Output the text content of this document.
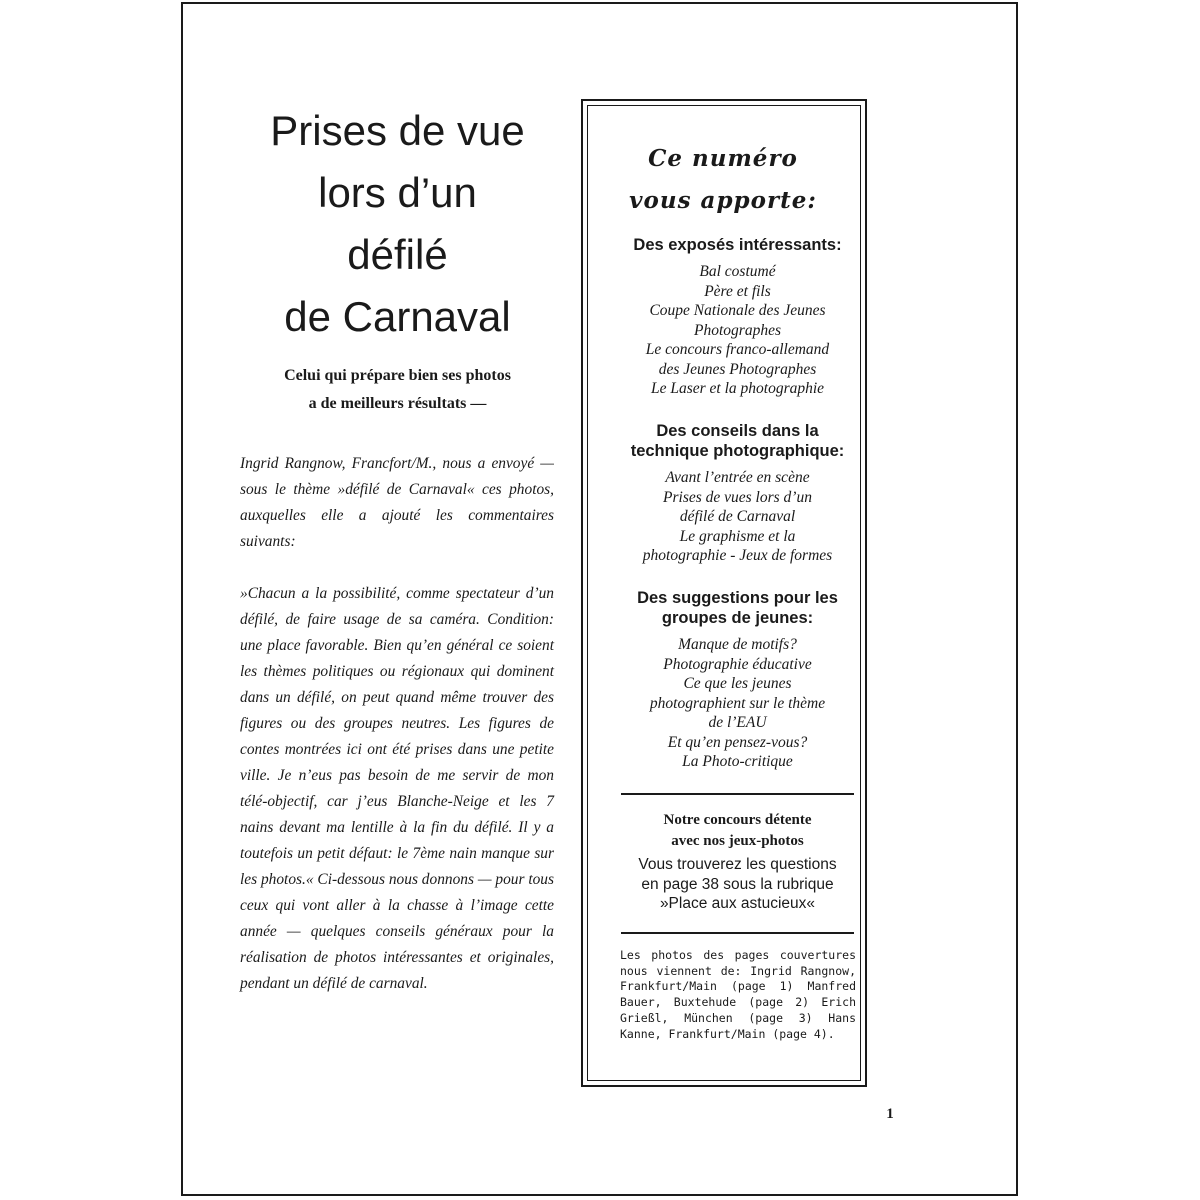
Prises de vue
lors d’un
défilé
de Carnaval
Celui qui prépare bien ses photos
a de meilleurs résultats —

Ingrid Rangnow, Francfort/M., nous a envoyé — sous le thème »défilé de Carnaval« ces photos, auxquelles elle a ajouté les commentaires suivants:

»Chacun a la possibilité, comme spectateur d’un défilé, de faire usage de sa caméra. Condition: une place favorable. Bien qu’en général ce soient les thèmes politiques ou régionaux qui dominent dans un défilé, on peut quand même trouver des figures ou des groupes neutres. Les figures de contes montrées ici ont été prises dans une petite ville. Je n’eus pas besoin de me servir de mon télé-objectif, car j’eus Blanche-Neige et les 7 nains devant ma lentille à la fin du défilé. Il y a toutefois un petit défaut: le 7ème nain manque sur les photos.« Ci-dessous nous donnons — pour tous ceux qui vont aller à la chasse à l’image cette année — quelques conseils généraux pour la réalisation de photos intéressantes et originales, pendant un défilé de carnaval.

Ce numéro
vous apporte:
Des exposés intéressants:
Bal costumé
Père et fils
Coupe Nationale des Jeunes
Photographes
Le concours franco-allemand
des Jeunes Photographes
Le Laser et la photographie
Des conseils dans la
technique photographique:
Avant l’entrée en scène
Prises de vues lors d’un
défilé de Carnaval
Le graphisme et la
photographie - Jeux de formes
Des suggestions pour les
groupes de jeunes:
Manque de motifs?
Photographie éducative
Ce que les jeunes
photographient sur le thème
de l’EAU
Et qu’en pensez-vous?
La Photo-critique
Notre concours détente
avec nos jeux-photos
Vous trouverez les questions
en page 38 sous la rubrique
»Place aux astucieux«
Les photos des pages couvertures nous viennent de: Ingrid Rangnow, Frankfurt/Main (page 1) Manfred Bauer, Buxtehude (page 2) Erich Grießl, München (page 3) Hans Kanne, Frankfurt/Main (page 4).
1
